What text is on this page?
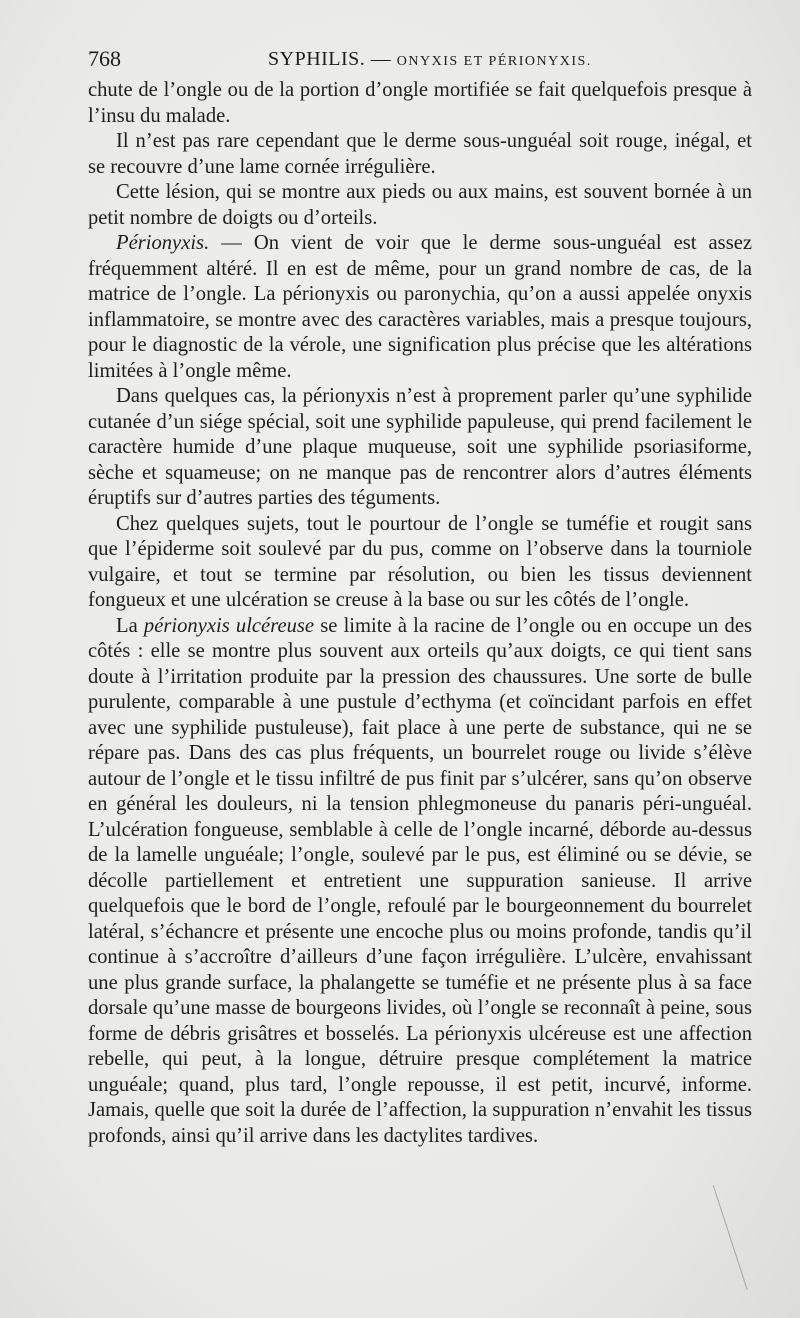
768	SYPHILIS. — ONYXIS ET PÉRIONYXIS.

chute de l’ongle ou de la portion d’ongle mortifiée se fait quelquefois presque à l’insu du malade.

Il n’est pas rare cependant que le derme sous-unguéal soit rouge, inégal, et se recouvre d’une lame cornée irrégulière.

Cette lésion, qui se montre aux pieds ou aux mains, est souvent bornée à un petit nombre de doigts ou d’orteils.

Périonyxis. — On vient de voir que le derme sous-unguéal est assez fréquemment altéré. Il en est de même, pour un grand nombre de cas, de la matrice de l’ongle. La périonyxis ou paronychia, qu’on a aussi appelée onyxis inflammatoire, se montre avec des caractères variables, mais a presque toujours, pour le diagnostic de la vérole, une signification plus précise que les altérations limitées à l’ongle même.

Dans quelques cas, la périonyxis n’est à proprement parler qu’une syphilide cutanée d’un siége spécial, soit une syphilide papuleuse, qui prend facilement le caractère humide d’une plaque muqueuse, soit une syphilide psoriasiforme, sèche et squameuse; on ne manque pas de rencontrer alors d’autres éléments éruptifs sur d’autres parties des téguments.

Chez quelques sujets, tout le pourtour de l’ongle se tuméfie et rougit sans que l’épiderme soit soulevé par du pus, comme on l’observe dans la tourniole vulgaire, et tout se termine par résolution, ou bien les tissus deviennent fongueux et une ulcération se creuse à la base ou sur les côtés de l’ongle.

La périonyxis ulcéreuse se limite à la racine de l’ongle ou en occupe un des côtés : elle se montre plus souvent aux orteils qu’aux doigts, ce qui tient sans doute à l’irritation produite par la pression des chaussures. Une sorte de bulle purulente, comparable à une pustule d’ecthyma (et coïncidant parfois en effet avec une syphilide pustuleuse), fait place à une perte de substance, qui ne se répare pas. Dans des cas plus fréquents, un bourrelet rouge ou livide s’élève autour de l’ongle et le tissu infiltré de pus finit par s’ulcérer, sans qu’on observe en général les douleurs, ni la tension phlegmoneuse du panaris péri-unguéal. L’ulcération fongueuse, semblable à celle de l’ongle incarné, déborde au-dessus de la lamelle unguéale; l’ongle, soulevé par le pus, est éliminé ou se dévie, se décolle partiellement et entretient une suppuration sanieuse. Il arrive quelquefois que le bord de l’ongle, refoulé par le bourgeonnement du bourrelet latéral, s’échancre et présente une encoche plus ou moins profonde, tandis qu’il continue à s’accroître d’ailleurs d’une façon irrégulière. L’ulcère, envahissant une plus grande surface, la phalangette se tuméfie et ne présente plus à sa face dorsale qu’une masse de bourgeons livides, où l’ongle se reconnaît à peine, sous forme de débris grisâtres et bosselés. La périonyxis ulcéreuse est une affection rebelle, qui peut, à la longue, détruire presque complétement la matrice unguéale; quand, plus tard, l’ongle repousse, il est petit, incurvé, informe. Jamais, quelle que soit la durée de l’affection, la suppuration n’envahit les tissus profonds, ainsi qu’il arrive dans les dactylites tardives.
